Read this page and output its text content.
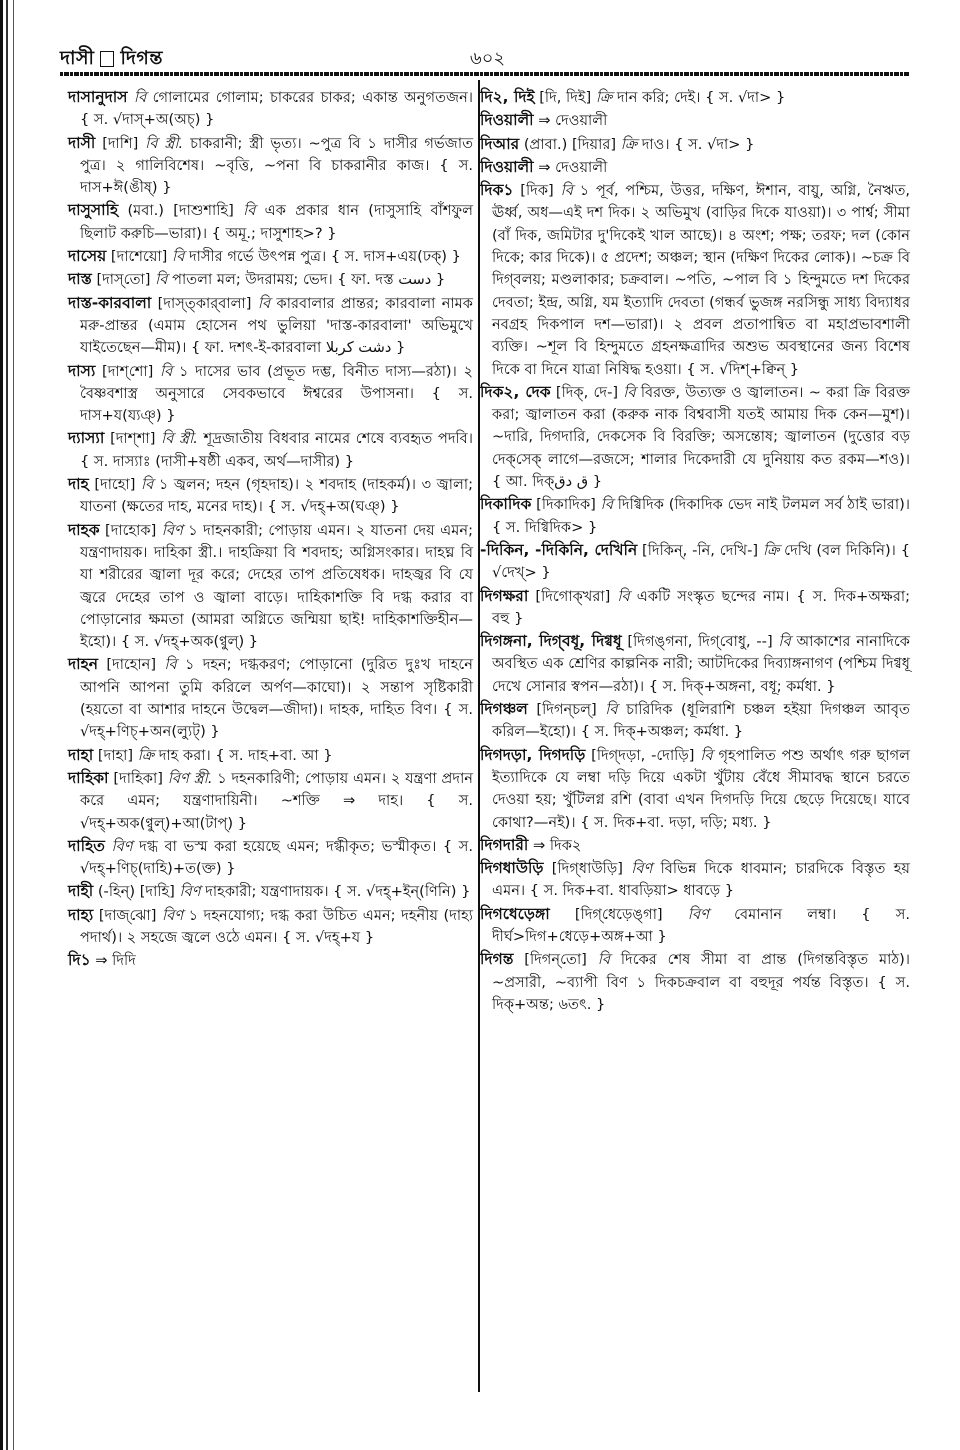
দাসী দিগন্ত	৬০২

দাসানুদাস বি গোলামের গোলাম; চাকরের চাকর; একান্ত অনুগতজন। { স. √দাস্+অ(অচ্) }

দাসী [দাশি] বি স্ত্রী. চাকরানী; স্ত্রী ভৃত্য। ~পুত্র বি ১ দাসীর গর্ভজাত পুত্র। ২ গালিবিশেষ। ~বৃত্তি, ~পনা বি চাকরানীর কাজ। { স. দাস+ঈ(ঙীষ্) }

দাসুসাহি (মবা.) [দাশুশাহি] বি এক প্রকার ধান (দাসুসাহি বাঁশফুল ছিলাট করুচি—ভারা)। { অমূ.; দাসুশাহ>? }

দাসেয় [দাশেয়ো] বি দাসীর গর্ভে উৎপন্ন পুত্র। { স. দাস+এয়(ঢক্) }

দাস্ত [দাস্‌তো] বি পাতলা মল; উদরাময়; ভেদ। { ফা. দস্ত دست }

দাস্ত-কারবালা [দাস্‌ত্‌কার্‌বালা] বি কারবালার প্রান্তর; কারবালা নামক মরু-প্রান্তর (এমাম হোসেন পথ ভুলিয়া 'দাস্ত-কারবালা' অভিমুখে যাইতেছেন—মীম)। { ফা. দশৎ-ই-কারবালা دشت کربلا }

দাস্য [দাশ্‌শো] বি ১ দাসের ভাব (প্রভূত দম্ভ, বিনীত দাস্য—রঠা)। ২ বৈষ্ণবশাস্ত্র অনুসারে সেবকভাবে ঈশ্বরের উপাসনা। { স. দাস+য(য্যঞ্) }

দ্যাস্যা [দাশ্‌শা] বি স্ত্রী. শূদ্রজাতীয় বিধবার নামের শেষে ব্যবহৃত পদবি। { স. দাস্যাঃ (দাসী+ষষ্ঠী একব, অর্থ—দাসীর) }

দাহ [দাহো] বি ১ জ্বলন; দহন (গৃহদাহ)। ২ শবদাহ (দাহকর্ম)। ৩ জ্বালা; যাতনা (ক্ষতের দাহ, মনের দাহ)। { স. √দহ্+অ(ঘঞ্) }

দাহক [দাহোক] বিণ ১ দাহনকারী; পোড়ায় এমন। ২ যাতনা দেয় এমন; যন্ত্রণাদায়ক। দাহিকা স্ত্রী.। দাহক্রিয়া বি শবদাহ; অগ্নিসংকার। দাহঘ্ন বি যা শরীরের জ্বালা দূর করে; দেহের তাপ প্রতিষেধক। দাহজ্বর বি যে জ্বরে দেহের তাপ ও জ্বালা বাড়ে। দাহিকাশক্তি বি দগ্ধ করার বা পোড়ানোর ক্ষমতা (আমরা অগ্নিতে জন্মিয়া ছাই! দাহিকাশক্তিহীন—ইহো)। { স. √দহ্+অক(ণ্বুল্) }

দাহন [দাহোন] বি ১ দহন; দগ্ধকরণ; পোড়ানো (দুরিত দুঃখ দাহনে আপনি আপনা তুমি করিলে অর্পণ—কাঘো)। ২ সন্তাপ সৃষ্টিকারী (হয়তো বা আশার দাহনে উদ্বেল—জীদা)। দাহক, দাহিত বিণ। { স. √দহ্+ণিচ্+অন(ল্যুট্) }

দাহা [দাহা] ক্রি দাহ করা। { স. দাহ+বা. আ }

দাহিকা [দাহিকা] বিণ স্ত্রী. ১ দহনকারিণী; পোড়ায় এমন। ২ যন্ত্রণা প্রদান করে এমন; যন্ত্রণাদায়িনী। ~শক্তি ⇒ দাহ। { স. √দহ্+অক(ণ্বুল্)+আ(টাপ্) }

দাহিত বিণ দগ্ধ বা ভস্ম করা হয়েছে এমন; দগ্ধীকৃত; ভস্মীকৃত। { স. √দহ্+ণিচ্(দাহি)+ত(ক্ত) }

দাহী (-হিন্) [দাহি] বিণ দাহকারী; যন্ত্রণাদায়ক। { স. √দহ্+ইন্(ণিনি) }

দাহ্য [দাজ্‌ঝো] বিণ ১ দহনযোগ্য; দগ্ধ করা উচিত এমন; দহনীয় (দাহ্য পদার্থ)। ২ সহজে জ্বলে ওঠে এমন। { স. √দহ্+য }

দি১ ⇒ দিদি

দি২, দিই [দি, দিই] ক্রি দান করি; দেই। { স. √দা> }

দিওয়ালী ⇒ দেওয়ালী

দিআর (প্রাবা.) [দিয়ার] ক্রি দাও। { স. √দা> }

দিওয়ালী ⇒ দেওয়ালী

দিক১ [দিক] বি ১ পূর্ব, পশ্চিম, উত্তর, দক্ষিণ, ঈশান, বায়ু, অগ্নি, নৈঋত, ঊর্ধ্ব, অধ—এই দশ দিক। ২ অভিমুখ (বাড়ির দিকে যাওয়া)। ৩ পার্শ্ব; সীমা (বাঁ দিক, জমিটার দু'দিকেই খাল আছে)। ৪ অংশ; পক্ষ; তরফ; দল (কোন দিকে; কার দিকে)। ৫ প্রদেশ; অঞ্চল; স্থান (দক্ষিণ দিকের লোক)। ~চক্র বি দিগ্‌বলয়; মণ্ডলাকার; চক্রবাল। ~পতি, ~পাল বি ১ হিন্দুমতে দশ দিকের দেবতা; ইন্দ্র, অগ্নি, যম ইত্যাদি দেবতা (গন্ধর্ব ভুজঙ্গ নরসিন্ধু সাধ্য বিদ্যাধর নবগ্রহ দিকপাল দশ—ভারা)। ২ প্রবল প্রতাপান্বিত বা মহাপ্রভাবশালী ব্যক্তি। ~শূল বি হিন্দুমতে গ্রহনক্ষত্রাদির অশুভ অবস্থানের জন্য বিশেষ দিকে বা দিনে যাত্রা নিষিদ্ধ হওয়া। { স. √দিশ্+ক্বিন্ }

দিক২, দেক [দিক্, দে-] বি বিরক্ত, উত্যক্ত ও জ্বালাতন। ~ করা ক্রি বিরক্ত করা; জ্বালাতন করা (করুক নাক বিশ্ববাসী যতই আমায় দিক কেন—মুশ)। ~দারি, দিগদারি, দেকসেক বি বিরক্তি; অসন্তোষ; জ্বালাতন (দুত্তোর বড় দেক্‌সেক্ লাগে—রজসে; শালার দিকেদারী যে দুনিয়ায় কত রকম—শও)। { আ. দিক্ق دق }

দিকাদিক [দিকাদিক] বি দিগ্বিদিক (দিকাদিক ভেদ নাই টলমল সর্ব ঠাই ভারা)। { স. দিগ্বিদিক> }

-দিকিন, -দিকিনি, দেখিনি [দিকিন্, -নি, দেখি-] ক্রি দেখি (বল দিকিনি)। { √দেখ্> }

দিগক্ষরা [দিগোক্‌খরা] বি একটি সংস্কৃত ছন্দের নাম। { স. দিক+অক্ষরা; বহু }

দিগঙ্গনা, দিগ্‌বধূ, দিগ্বধূ [দিগঙ্‌গনা, দিগ্‌বোধু, --] বি আকাশের নানাদিকে অবস্থিত এক শ্রেণির কাল্পনিক নারী; আটদিকের দিব্যাঙ্গনাগণ (পশ্চিম দিগ্বধূ দেখে সোনার স্বপন—রঠা)। { স. দিক্+অঙ্গনা, বধূ; কর্মধা. }

দিগঞ্চল [দিগন্‌চল্] বি চারিদিক (ধূলিরাশি চঞ্চল হইয়া দিগঞ্চল আবৃত করিল—ইহো)। { স. দিক্+অঞ্চল; কর্মধা. }

দিগদড়া, দিগদড়ি [দিগ্‌দড়া, -দোড়ি] বি গৃহপালিত পশু অর্থাৎ গরু ছাগল ইত্যাদিকে যে লম্বা দড়ি দিয়ে একটা খুঁটায় বেঁধে সীমাবদ্ধ স্থানে চরতে দেওয়া হয়; খুঁটিলগ্ন রশি (বাবা এখন দিগদড়ি দিয়ে ছেড়ে দিয়েছে। যাবে কোথা?—নই)। { স. দিক+বা. দড়া, দড়ি; মধ্য. }

দিগদারী ⇒ দিক২

দিগধাউড়ি [দিগ্‌ধাউড়ি] বিণ বিভিন্ন দিকে ধাবমান; চারদিকে বিস্তৃত হয় এমন। { স. দিক+বা. ধাবড়িয়া> ধাবড়ে }

দিগধেড়েঙ্গা [দিগ্‌ধেড়েঙ্‌গা] বিণ বেমানান লম্বা। { স. দীর্ঘ>দিগ+ধেড়ে+অঙ্গ+আ }

দিগন্ত [দিগন্‌তো] বি দিকের শেষ সীমা বা প্রান্ত (দিগন্তবিস্তৃত মাঠ)। ~প্রসারী, ~ব্যাপী বিণ ১ দিকচক্রবাল বা বহুদূর পর্যন্ত বিস্তৃত। { স. দিক্+অন্ত; ৬তৎ. }
